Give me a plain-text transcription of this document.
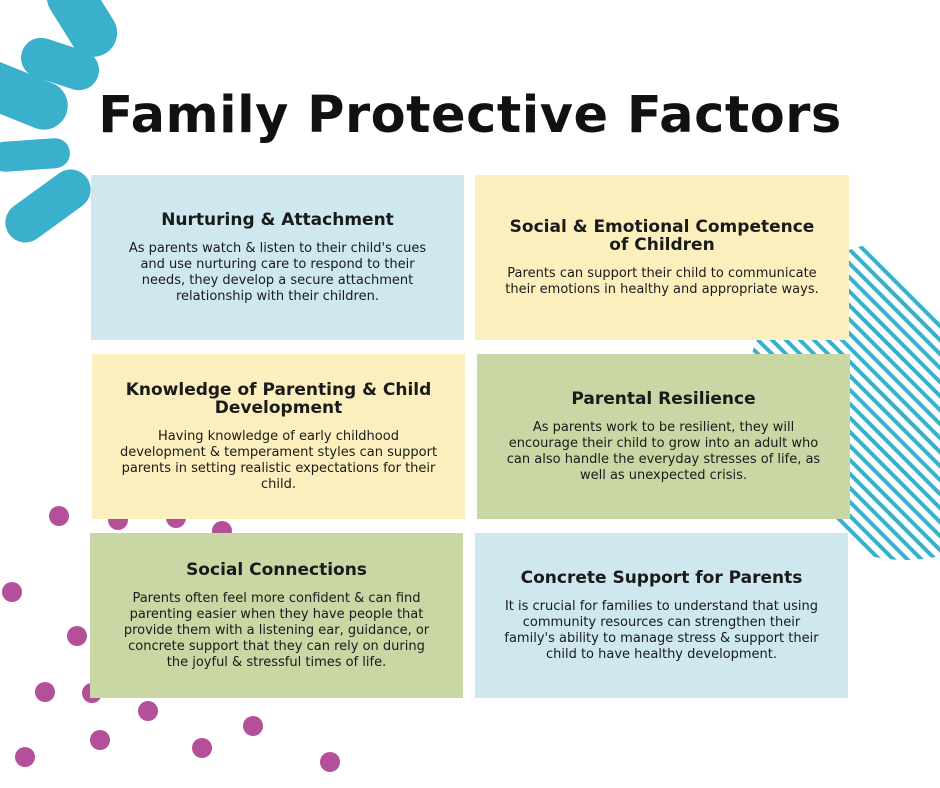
Family Protective Factors
Nurturing & Attachment

As parents watch & listen to their child's cues and use nurturing care to respond to their needs, they develop a secure attachment relationship with their children.

Social & Emotional Competence of Children

Parents can support their child to communicate their emotions in healthy and appropriate ways.

Knowledge of Parenting & Child Development

Having knowledge of early childhood development & temperament styles can support parents in setting realistic expectations for their child.

Parental Resilience

As parents work to be resilient, they will encourage their child to grow into an adult who can also handle the everyday stresses of life, as well as unexpected crisis.

Social Connections

Parents often feel more confident & can find parenting easier when they have people that provide them with a listening ear, guidance, or concrete support that they can rely on during the joyful & stressful times of life.

Concrete Support for Parents

It is crucial for families to understand that using community resources can strengthen their family's ability to manage stress & support their child to have healthy development.
